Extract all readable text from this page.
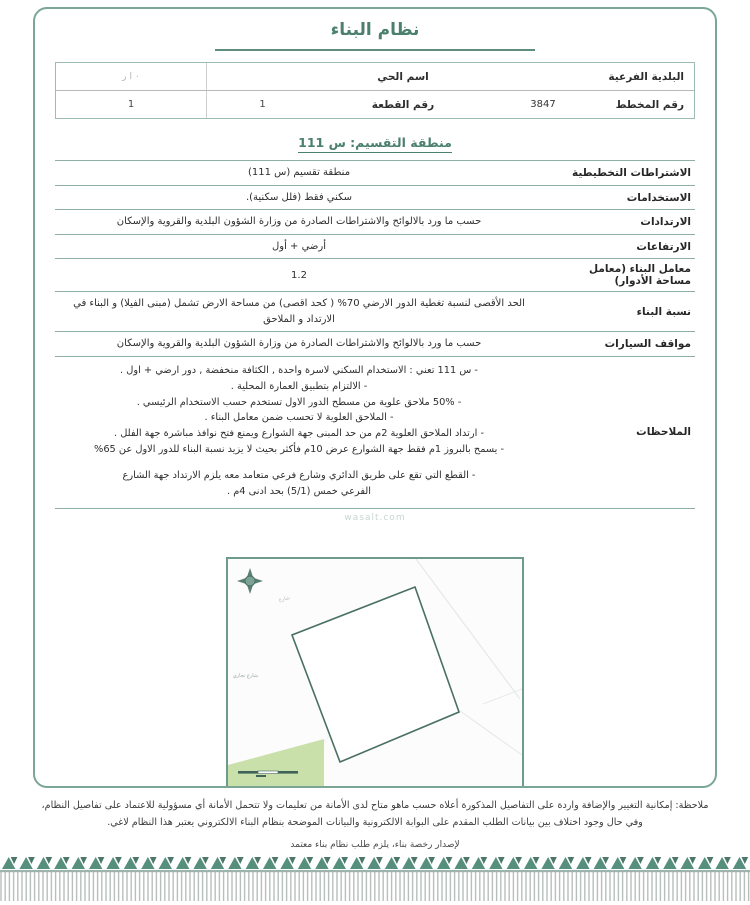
نظام البناء
البلدية الفرعية
اسم الحي
٠ ا ر
رقم المخطط
3847
رقم القطعة
1
1
منطقة التقسيم: س 111
الاشتراطات التخطيطية
منطقة تقسيم (س 111)
الاستخدامات
سكني فقط (فلل سكنية).
الارتدادات
حسب ما ورد بالالوائح والاشتراطات الصادرة من وزارة الشؤون البلدية والقروية والإسكان
الارتفاعات
أرضي + أول
معامل البناء (معامل مساحة الأدوار)
1.2
نسبة البناء
الحد الأقصى لنسبة تغطية الدور الارضي 70% ( كحد اقصى) من مساحة الارض تشمل (مبنى الفيلا) و البناء في الارتداد و الملاحق
مواقف السيارات
حسب ما ورد بالالوائح والاشتراطات الصادرة من وزارة الشؤون البلدية والقروية والإسكان
الملاحظات
- س 111 تعني : الاستخدام السكني لاسرة واحدة , الكثافة منخفضة , دور ارضي + اول .
- الالتزام بتطبيق العمارة المحلية .
- 50% ملاحق علوية من مسطح الدور الاول تستخدم حسب الاستخدام الرئيسي .
- الملاحق العلوية لا تحسب ضمن معامل البناء .
- ارتداد الملاحق العلوية 2م من حد المبنى جهة الشوارع ويمنع فتح نوافذ مباشرة جهة الفلل .
- يسمح بالبروز 1م فقط جهة الشوارع عرض 10م فأكثر بحيث لا يزيد نسبة البناء للدور الاول عن 65%
- القطع التي تقع على طريق الدائري وشارع فرعي متعامد معه يلزم الارتداد جهة الشارع
الفرعي خمس (5/1) بحد ادنى 4م .
wasalt.com
شارع
شارع تجاري
ملاحظة: إمكانية التغيير والإضافة واردة على التفاصيل المذكورة أعلاه حسب ماهو متاح لدى الأمانة من تعليمات ولا تتحمل الأمانة أي مسؤولية للاعتماد على تفاصيل النظام، وفي حال وجود اختلاف بين بيانات الطلب المقدم على البوابة الالكترونية والبيانات الموضحة بنظام البناء الالكتروني يعتبر هذا النظام لاغي.
لإصدار رخصة بناء، يلزم طلب نظام بناء معتمد
